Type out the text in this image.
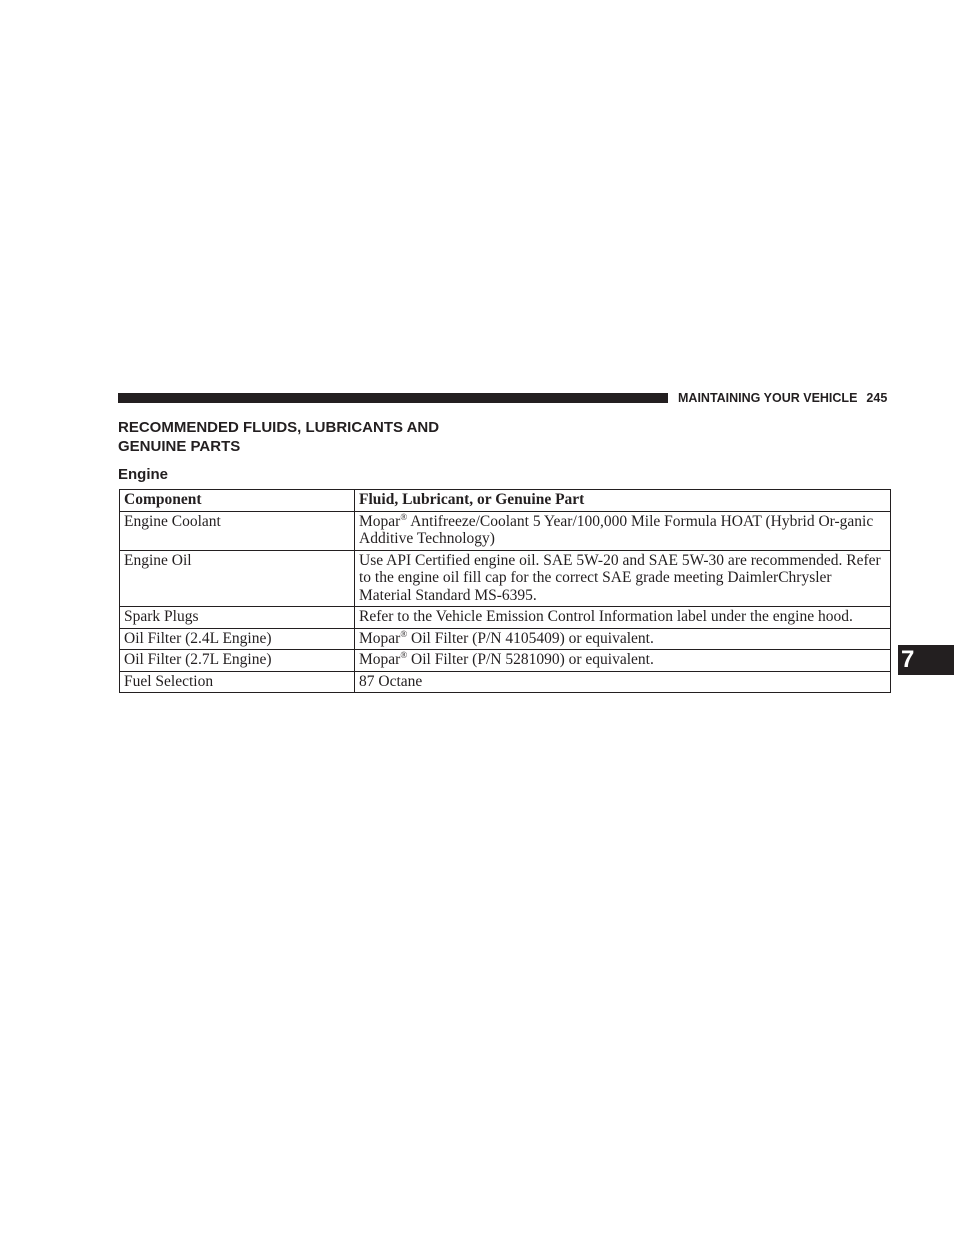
MAINTAINING YOUR VEHICLE 245
RECOMMENDED FLUIDS, LUBRICANTS AND
GENUINE PARTS
Engine
Component	Fluid, Lubricant, or Genuine Part
Engine Coolant	Mopar® Antifreeze/Coolant 5 Year/100,000 Mile Formula HOAT (Hybrid Or-ganic Additive Technology)
Engine Oil	Use API Certified engine oil. SAE 5W-20 and SAE 5W-30 are recommended. Refer to the engine oil fill cap for the correct SAE grade meeting DaimlerChrysler Material Standard MS-6395.
Spark Plugs	Refer to the Vehicle Emission Control Information label under the engine hood.
Oil Filter (2.4L Engine)	Mopar® Oil Filter (P/N 4105409) or equivalent.
Oil Filter (2.7L Engine)	Mopar® Oil Filter (P/N 5281090) or equivalent.
Fuel Selection	87 Octane
7
